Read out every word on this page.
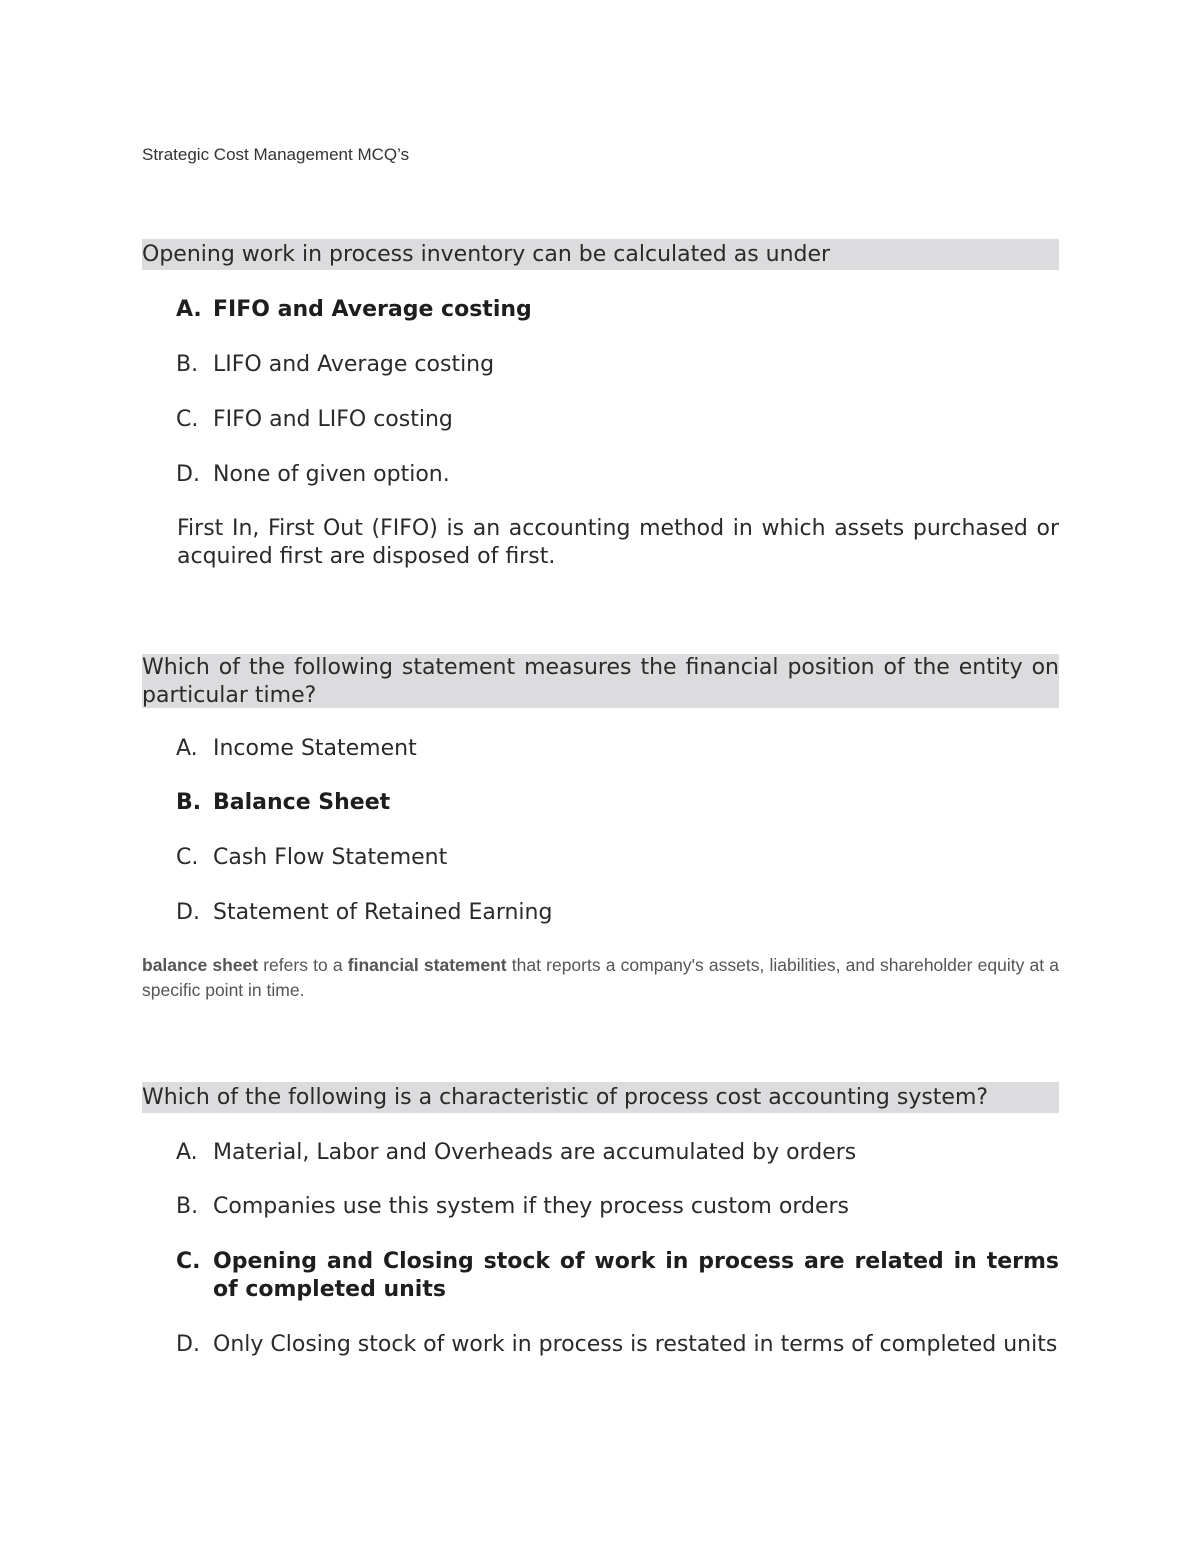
Strategic Cost Management MCQ’s
Opening work in process inventory can be calculated as under
A. FIFO and Average costing
B. LIFO and Average costing
C. FIFO and LIFO costing
D. None of given option.
First In, First Out (FIFO) is an accounting method in which assets purchased or acquired first are disposed of first.
Which of the following statement measures the financial position of the entity on particular time?
A. Income Statement
B. Balance Sheet
C. Cash Flow Statement
D. Statement of Retained Earning
balance sheet refers to a financial statement that reports a company's assets, liabilities, and shareholder equity at a specific point in time.
Which of the following is a characteristic of process cost accounting system?
A. Material, Labor and Overheads are accumulated by orders
B. Companies use this system if they process custom orders
C. Opening and Closing stock of work in process are related in terms of completed units
D. Only Closing stock of work in process is restated in terms of completed units
